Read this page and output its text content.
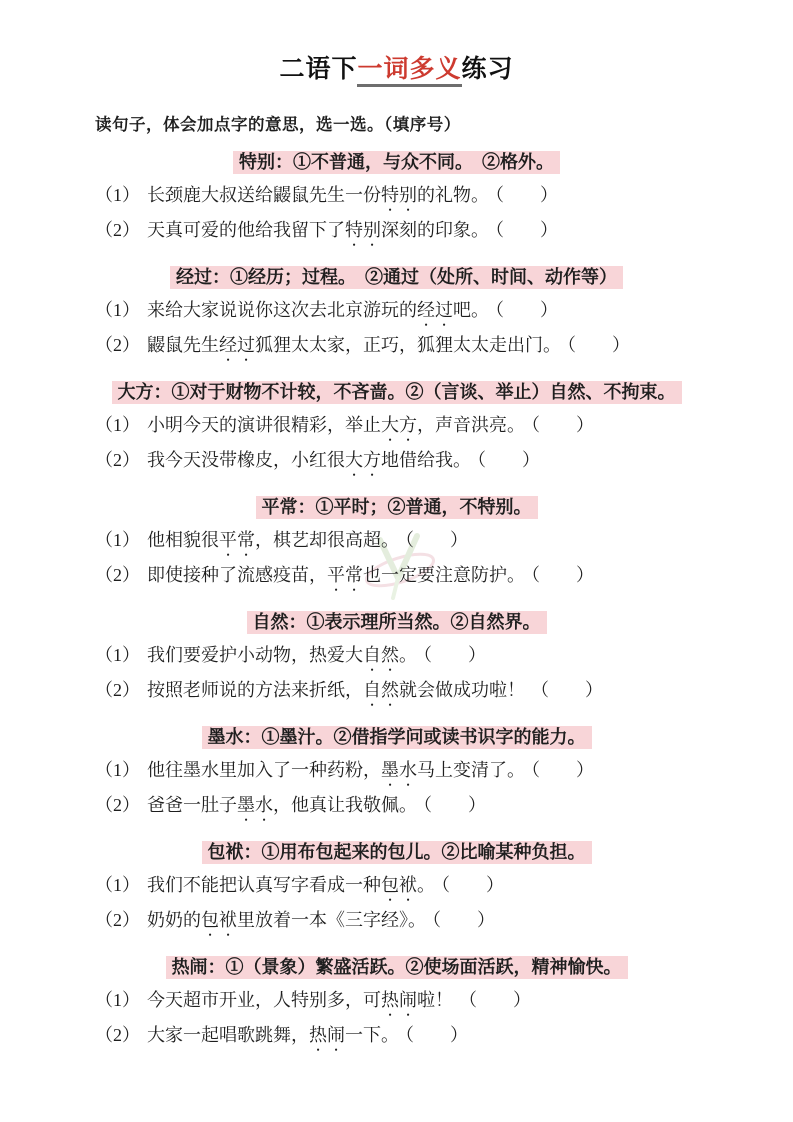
二语下一词多义练习
读句子，体会加点字的意思，选一选。（填序号）
特别：①不普通，与众不同。　②格外。
（1） 长颈鹿大叔送给鼹鼠先生一份特别的礼物。 （　　）
（2） 天真可爱的他给我留下了特别深刻的印象。 （　　）
经过：①经历；过程。　②通过（处所、时间、动作等）
（1） 来给大家说说你这次去北京游玩的经过吧。 （　　）
（2） 鼹鼠先生经过狐狸太太家，正巧，狐狸太太走出门。 （　　）
大方：①对于财物不计较，不吝啬。②（言谈、举止）自然、不拘束。
（1） 小明今天的演讲很精彩，举止大方，声音洪亮。 （　　）
（2） 我今天没带橡皮，小红很大方地借给我。 （　　）
平常：①平时；②普通，不特别。
（1） 他相貌很平常，棋艺却很高超。 （　　）
（2） 即使接种了流感疫苗，平常也一定要注意防护。 （　　）
自然：①表示理所当然。②自然界。
（1） 我们要爱护小动物，热爱大自然。 （　　）
（2） 按照老师说的方法来折纸，自然就会做成功啦！ （　　）
墨水：①墨汁。②借指学问或读书识字的能力。
（1） 他往墨水里加入了一种药粉，墨水马上变清了。 （　　）
（2） 爸爸一肚子墨水，他真让我敬佩。 （　　）
包袱：①用布包起来的包儿。②比喻某种负担。
（1） 我们不能把认真写字看成一种包袱。 （　　）
（2） 奶奶的包袱里放着一本《三字经》。 （　　）
热闹：①（景象）繁盛活跃。②使场面活跃，精神愉快。
（1） 今天超市开业，人特别多，可热闹啦！ （　　）
（2） 大家一起唱歌跳舞，热闹一下。 （　　）
